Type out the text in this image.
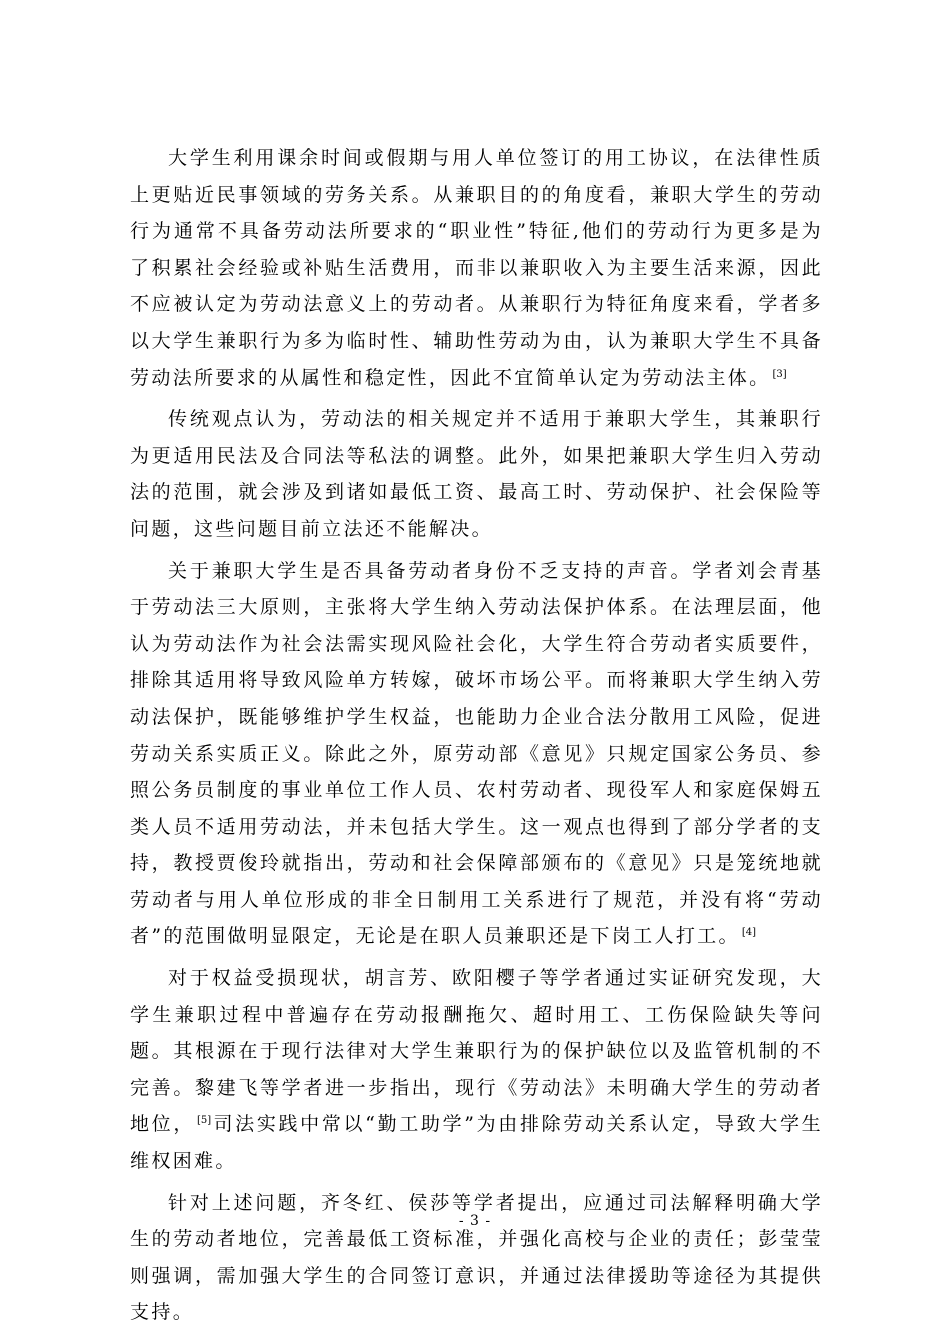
大学生利用课余时间或假期与用人单位签订的用工协议，在法律性质上更贴近民事领域的劳务关系。从兼职目的的角度看，兼职大学生的劳动行为通常不具备劳动法所要求的“职业性”特征,他们的劳动行为更多是为了积累社会经验或补贴生活费用，而非以兼职收入为主要生活来源，因此不应被认定为劳动法意义上的劳动者。从兼职行为特征角度来看，学者多以大学生兼职行为多为临时性、辅助性劳动为由，认为兼职大学生不具备劳动法所要求的从属性和稳定性，因此不宜简单认定为劳动法主体。 [3]

传统观点认为，劳动法的相关规定并不适用于兼职大学生，其兼职行为更适用民法及合同法等私法的调整。此外，如果把兼职大学生归入劳动法的范围，就会涉及到诸如最低工资、最高工时、劳动保护、社会保险等问题，这些问题目前立法还不能解决。

关于兼职大学生是否具备劳动者身份不乏支持的声音。学者刘会青基于劳动法三大原则，主张将大学生纳入劳动法保护体系。在法理层面，他认为劳动法作为社会法需实现风险社会化，大学生符合劳动者实质要件，排除其适用将导致风险单方转嫁，破坏市场公平。而将兼职大学生纳入劳动法保护，既能够维护学生权益，也能助力企业合法分散用工风险，促进劳动关系实质正义。除此之外，原劳动部《意见》只规定国家公务员、参照公务员制度的事业单位工作人员、农村劳动者、现役军人和家庭保姆五类人员不适用劳动法，并未包括大学生。这一观点也得到了部分学者的支持，教授贾俊玲就指出，劳动和社会保障部颁布的《意见》只是笼统地就劳动者与用人单位形成的非全日制用工关系进行了规范，并没有将“劳动者”的范围做明显限定，无论是在职人员兼职还是下岗工人打工。 [4]

对于权益受损现状，胡言芳、欧阳樱子等学者通过实证研究发现，大学生兼职过程中普遍存在劳动报酬拖欠、超时用工、工伤保险缺失等问题。其根源在于现行法律对大学生兼职行为的保护缺位以及监管机制的不完善。黎建飞等学者进一步指出，现行《劳动法》未明确大学生的劳动者地位， [5] 司法实践中常以“勤工助学”为由排除劳动关系认定，导致大学生维权困难。

针对上述问题，齐冬红、侯莎等学者提出，应通过司法解释明确大学生的劳动者地位，完善最低工资标准，并强化高校与企业的责任；彭莹莹则强调，需加强大学生的合同签订意识，并通过法律援助等途径为其提供支持。

- 3 -
